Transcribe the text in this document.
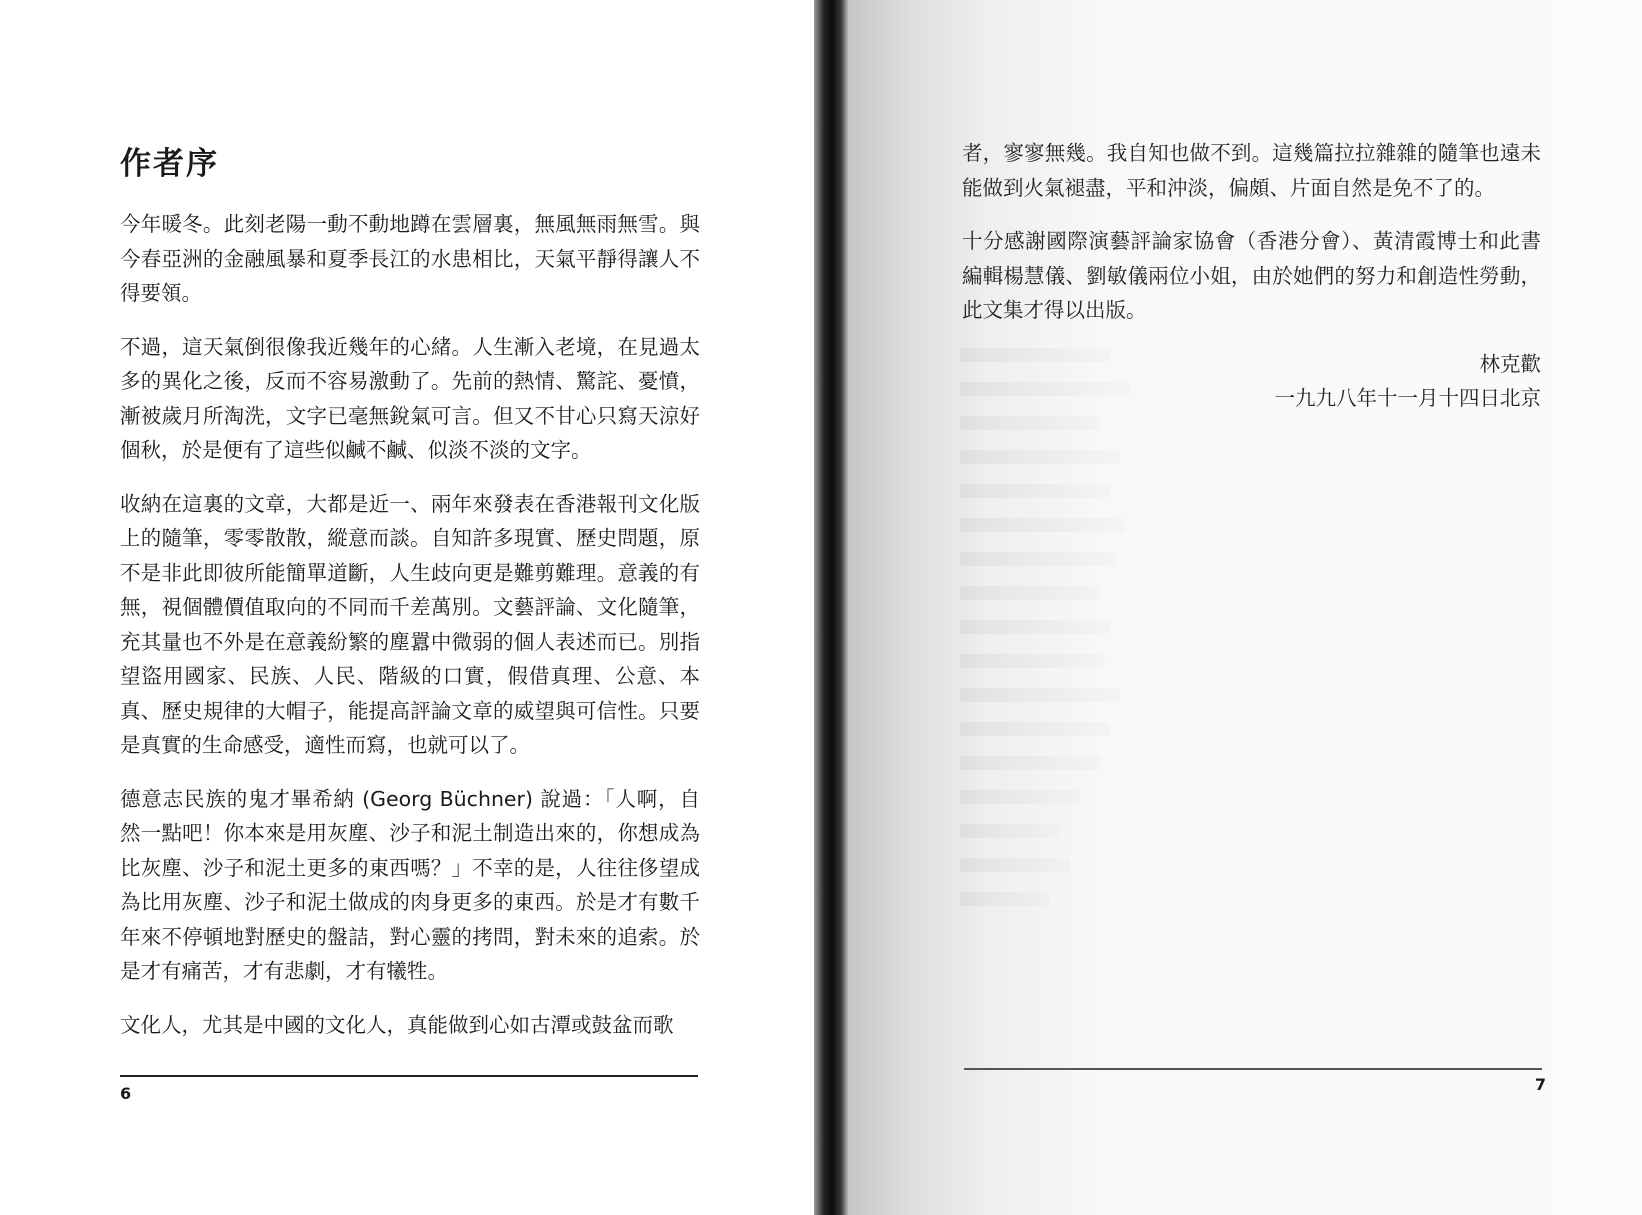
作者序

今年暖冬。此刻老陽一動不動地蹲在雲層裏，無風無雨無雪。與今春亞洲的金融風暴和夏季長江的水患相比，天氣平靜得讓人不得要領。

不過，這天氣倒很像我近幾年的心緒。人生漸入老境，在見過太多的異化之後，反而不容易激動了。先前的熱情、驚詫、憂憤，漸被歲月所淘洗，文字已毫無銳氣可言。但又不甘心只寫天涼好個秋，於是便有了這些似鹹不鹹、似淡不淡的文字。

收納在這裏的文章，大都是近一、兩年來發表在香港報刊文化版上的隨筆，零零散散，縱意而談。自知許多現實、歷史問題，原不是非此即彼所能簡單道斷，人生歧向更是難剪難理。意義的有無，視個體價值取向的不同而千差萬別。文藝評論、文化隨筆，充其量也不外是在意義紛繁的塵囂中微弱的個人表述而已。別指望盜用國家、民族、人民、階級的口實，假借真理、公意、本真、歷史規律的大帽子，能提高評論文章的威望與可信性。只要是真實的生命感受，適性而寫，也就可以了。

德意志民族的鬼才畢希納 (Georg Büchner) 說過：「人啊，自然一點吧！你本來是用灰塵、沙子和泥土制造出來的，你想成為比灰塵、沙子和泥土更多的東西嗎？」不幸的是，人往往侈望成為比用灰塵、沙子和泥土做成的肉身更多的東西。於是才有數千年來不停頓地對歷史的盤詰，對心靈的拷問，對未來的追索。於是才有痛苦，才有悲劇，才有犧牲。

文化人，尤其是中國的文化人，真能做到心如古潭或鼓盆而歌

6

者，寥寥無幾。我自知也做不到。這幾篇拉拉雜雜的隨筆也遠未能做到火氣褪盡，平和沖淡，偏頗、片面自然是免不了的。

十分感謝國際演藝評論家協會（香港分會）、黃清霞博士和此書編輯楊慧儀、劉敏儀兩位小姐，由於她們的努力和創造性勞動，此文集才得以出版。

林克歡

一九九八年十一月十四日北京

7
